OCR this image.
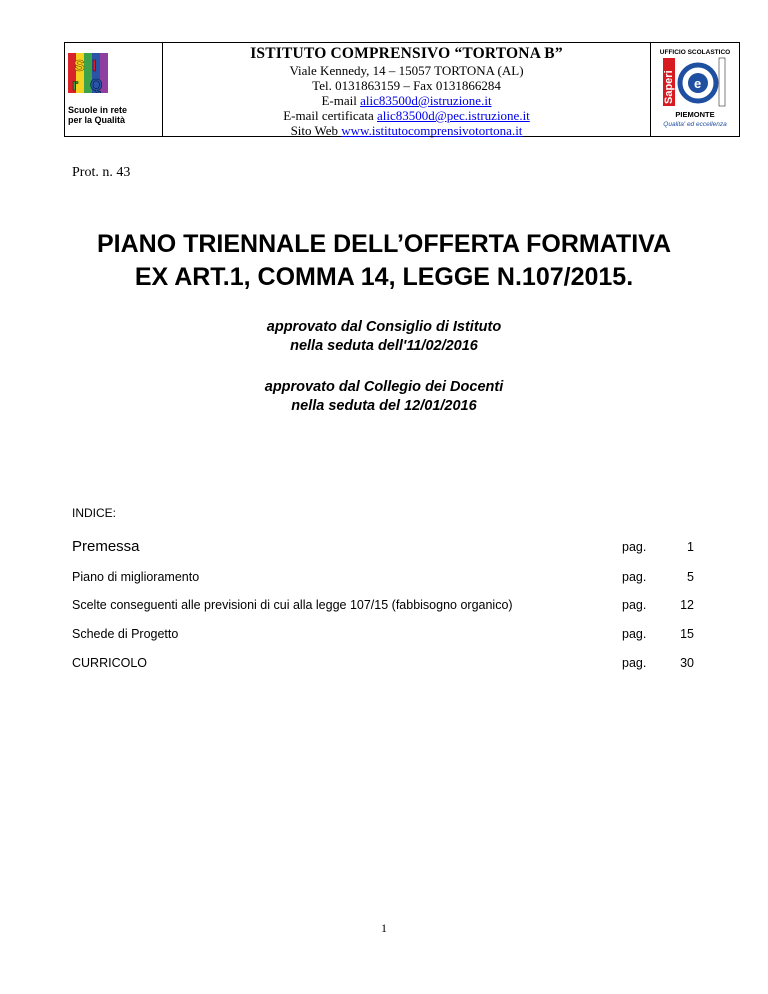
S I
r Q
Scuole in rete
per la Qualità
ISTITUTO COMPRENSIVO “TORTONA B”
Viale Kennedy, 14 – 15057 TORTONA (AL)
Tel. 0131863159 – Fax 0131866284
E-mail alic83500d@istruzione.it
E-mail certificata alic83500d@pec.istruzione.it
Sito Web www.istitutocomprensivotortona.it
UFFICIO SCOLASTICO
Saperi e
PIEMONTE
Qualita' ed eccellenza
Prot. n. 43
PIANO TRIENNALE DELL’OFFERTA FORMATIVA
EX ART.1, COMMA 14, LEGGE N.107/2015.
approvato dal Consiglio di Istituto
nella seduta dell'11/02/2016
approvato dal Collegio dei Docenti
nella seduta del 12/01/2016
INDICE:
Premessa	pag.	1
Piano di miglioramento	pag.	5
Scelte conseguenti alle previsioni di cui alla legge 107/15 (fabbisogno organico)	pag.	12
Schede di Progetto	pag.	15
CURRICOLO	pag.	30
1
